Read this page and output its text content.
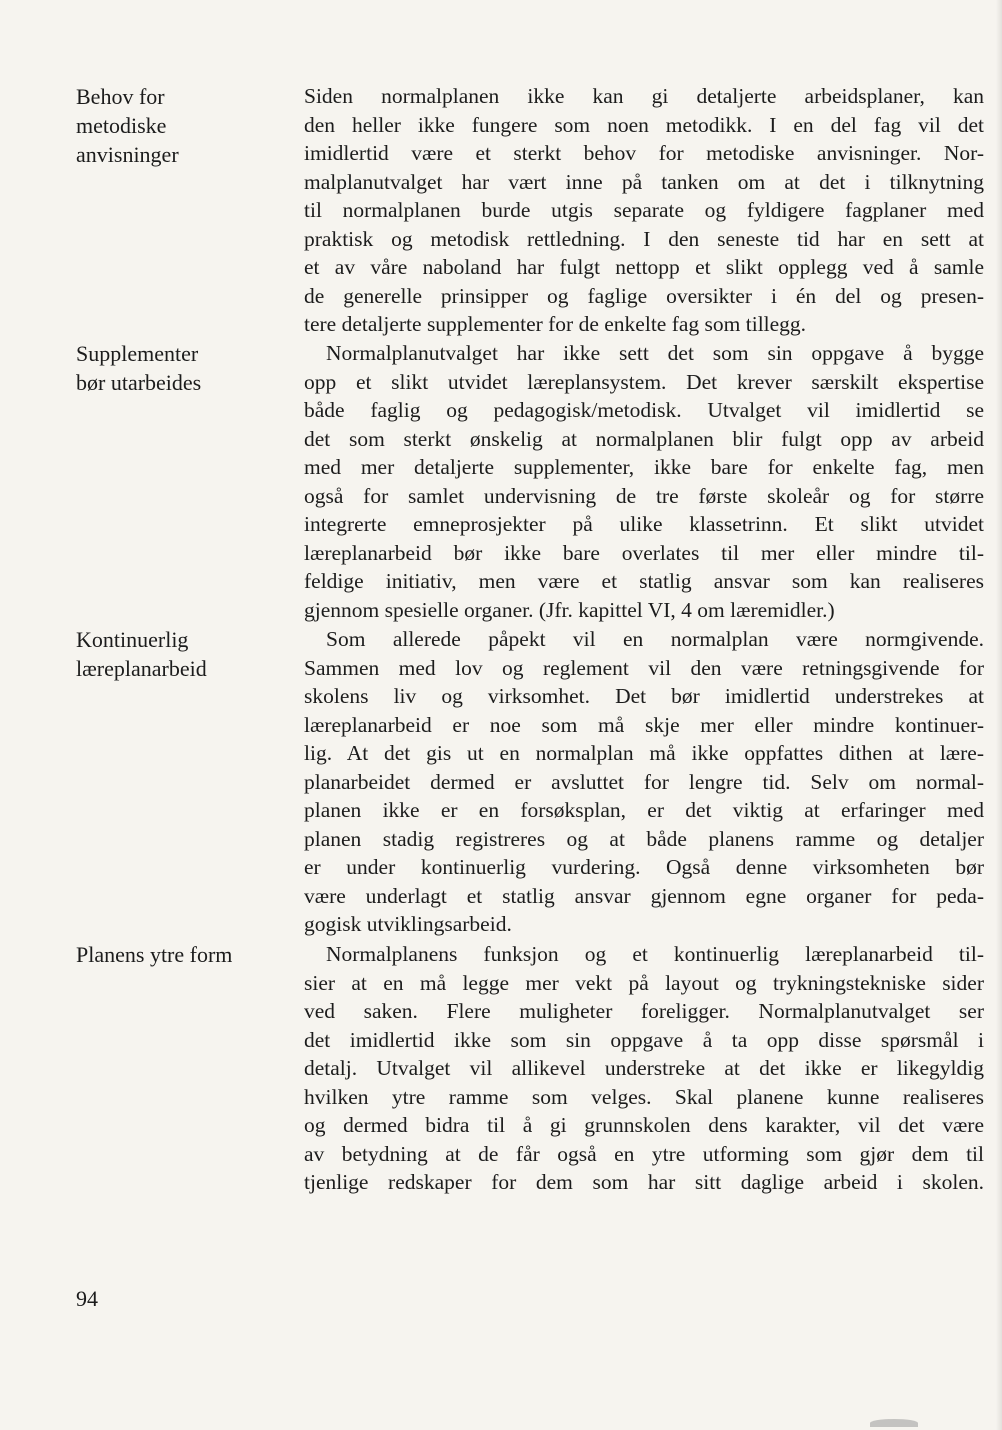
Behov for
metodiske
anvisninger
Supplementer
bør utarbeides
Kontinuerlig
læreplanarbeid
Planens ytre form
Siden normalplanen ikke kan gi detaljerte arbeidsplaner, kan
den heller ikke fungere som noen metodikk. I en del fag vil det
imidlertid være et sterkt behov for metodiske anvisninger. Nor-
malplanutvalget har vært inne på tanken om at det i tilknytning
til normalplanen burde utgis separate og fyldigere fagplaner med
praktisk og metodisk rettledning. I den seneste tid har en sett at
et av våre naboland har fulgt nettopp et slikt opplegg ved å samle
de generelle prinsipper og faglige oversikter i én del og presen-
tere detaljerte supplementer for de enkelte fag som tillegg.
Normalplanutvalget har ikke sett det som sin oppgave å bygge
opp et slikt utvidet læreplansystem. Det krever særskilt ekspertise
både faglig og pedagogisk/metodisk. Utvalget vil imidlertid se
det som sterkt ønskelig at normalplanen blir fulgt opp av arbeid
med mer detaljerte supplementer, ikke bare for enkelte fag, men
også for samlet undervisning de tre første skoleår og for større
integrerte emneprosjekter på ulike klassetrinn. Et slikt utvidet
læreplanarbeid bør ikke bare overlates til mer eller mindre til-
feldige initiativ, men være et statlig ansvar som kan realiseres
gjennom spesielle organer. (Jfr. kapittel VI, 4 om læremidler.)
Som allerede påpekt vil en normalplan være normgivende.
Sammen med lov og reglement vil den være retningsgivende for
skolens liv og virksomhet. Det bør imidlertid understrekes at
læreplanarbeid er noe som må skje mer eller mindre kontinuer-
lig. At det gis ut en normalplan må ikke oppfattes dithen at lære-
planarbeidet dermed er avsluttet for lengre tid. Selv om normal-
planen ikke er en forsøksplan, er det viktig at erfaringer med
planen stadig registreres og at både planens ramme og detaljer
er under kontinuerlig vurdering. Også denne virksomheten bør
være underlagt et statlig ansvar gjennom egne organer for peda-
gogisk utviklingsarbeid.
Normalplanens funksjon og et kontinuerlig læreplanarbeid til-
sier at en må legge mer vekt på layout og trykningstekniske sider
ved saken. Flere muligheter foreligger. Normalplanutvalget ser
det imidlertid ikke som sin oppgave å ta opp disse spørsmål i
detalj. Utvalget vil allikevel understreke at det ikke er likegyldig
hvilken ytre ramme som velges. Skal planene kunne realiseres
og dermed bidra til å gi grunnskolen dens karakter, vil det være
av betydning at de får også en ytre utforming som gjør dem til
tjenlige redskaper for dem som har sitt daglige arbeid i skolen.
94
